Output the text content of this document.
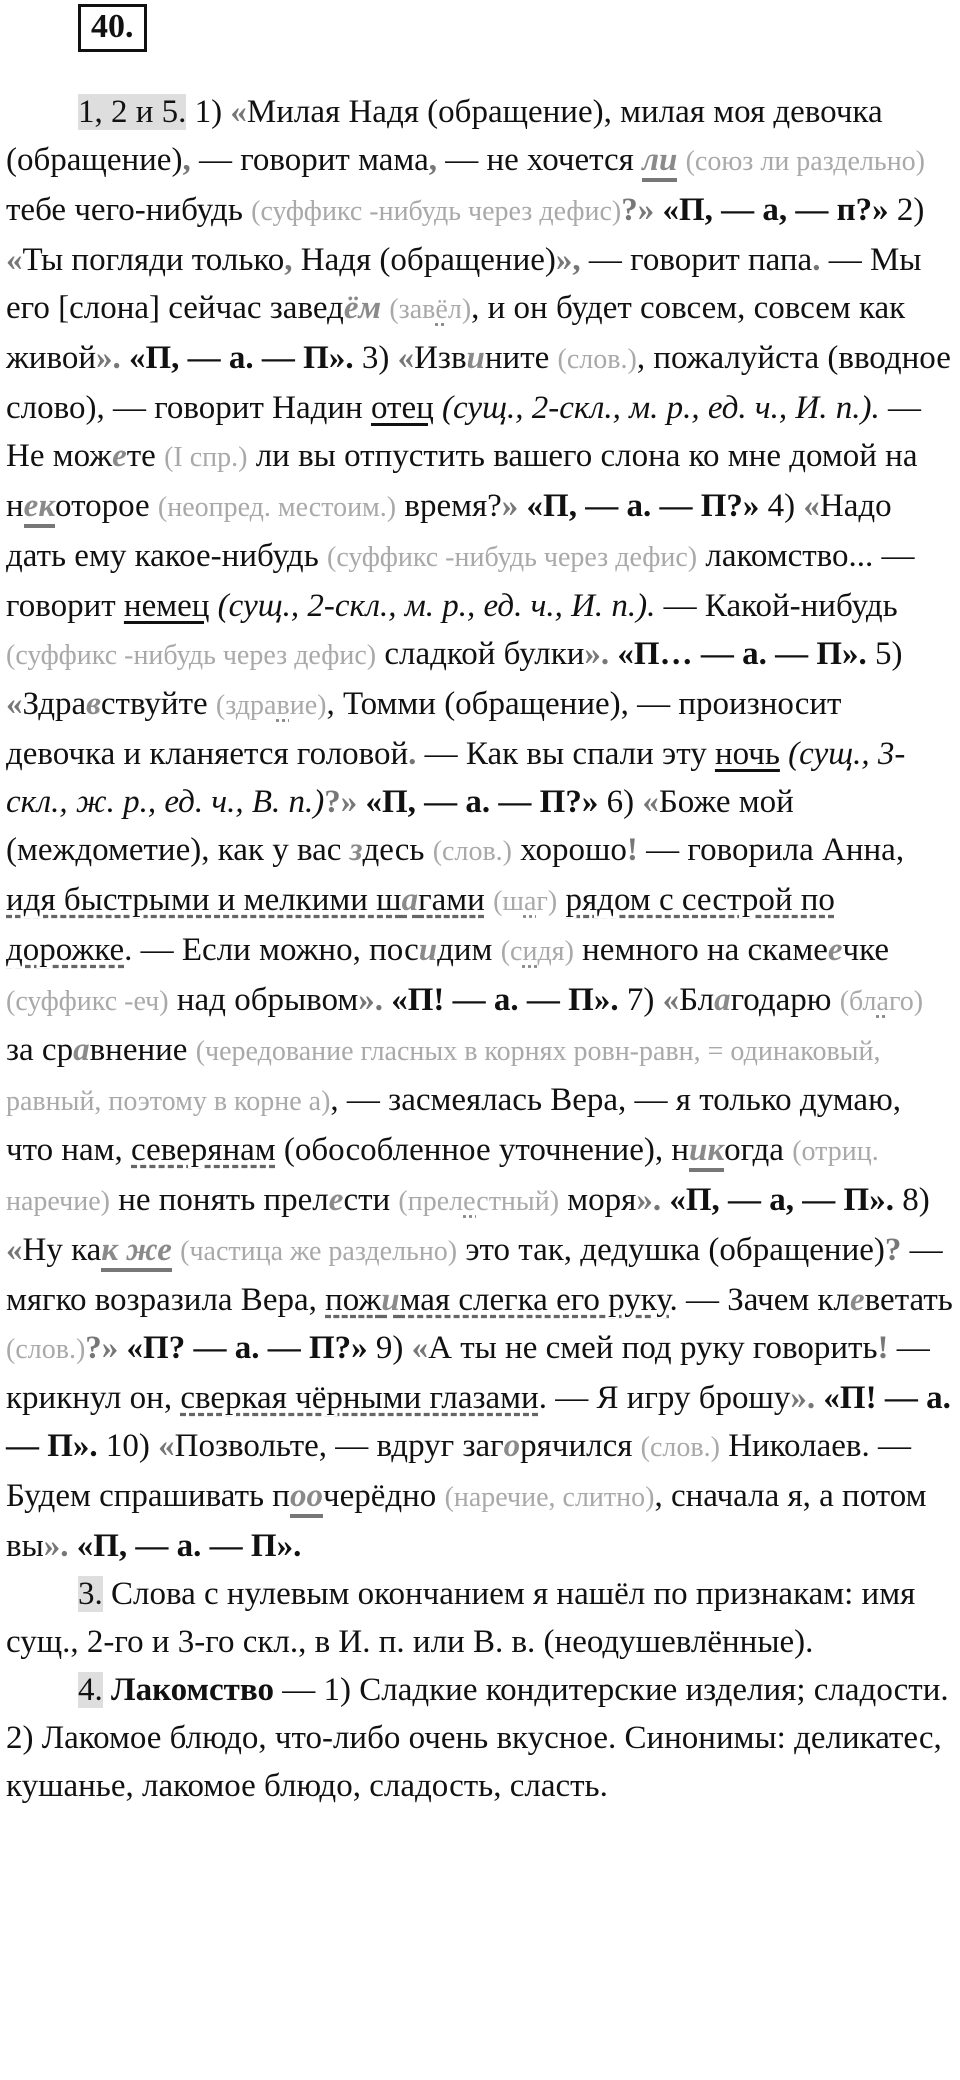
40.

1, 2 и 5. 1) «Милая Надя (обращение), милая моя девочка (обращение), — говорит мама, — не хочется ли (союз ли раздельно) тебе чего-нибудь (суффикс -нибудь через дефис)?» «П, — а, — п?» 2) «Ты погляди только, Надя (обращение)», — говорит папа. — Мы его [слона] сейчас заведём (завёл), и он будет совсем, совсем как живой». «П, — а. — П». 3) «Извините (слов.), пожалуйста (вводное слово), — говорит Надин отец (сущ., 2-скл., м. р., ед. ч., И. п.). — Не можете (I спр.) ли вы отпустить вашего слона ко мне домой на некоторое (неопред. местоим.) время?» «П, — а. — П?» 4) «Надо дать ему какое-нибудь (суффикс -нибудь через дефис) лакомство... — говорит немец (сущ., 2-скл., м. р., ед. ч., И. п.). — Какой-нибудь (суффикс -нибудь через дефис) сладкой булки». «П… — а. — П». 5) «Здравствуйте (здравие), Томми (обращение), — произносит девочка и кланяется головой. — Как вы спали эту ночь (сущ., 3-скл., ж. р., ед. ч., В. п.)?» «П, — а. — П?» 6) «Боже мой (междометие), как у вас здесь (слов.) хорошо! — говорила Анна, идя быстрыми и мелкими шагами (шаг) рядом с сестрой по дорожке. — Если можно, посидим (сидя) немного на скамеечке (суффикс -еч) над обрывом». «П! — а. — П». 7) «Благодарю (благо) за сравнение (чередование гласных в корнях ровн-равн, = одинаковый, равный, поэтому в корне а), — засмеялась Вера, — я только думаю, что нам, северянам (обособленное уточнение), никогда (отриц. наречие) не понять прелести (прелестный) моря». «П, — а, — П». 8) «Ну как же (частица же раздельно) это так, дедушка (обращение)? — мягко возразила Вера, пожимая слегка его руку. — Зачем клеветать (слов.)?» «П? — а. — П?» 9) «А ты не смей под руку говорить! — крикнул он, сверкая чёрными глазами. — Я игру брошу». «П! — а. — П». 10) «Позвольте, — вдруг загорячился (слов.) Николаев. — Будем спрашивать поочерёдно (наречие, слитно), сначала я, а потом вы». «П, — а. — П».

3. Слова с нулевым окончанием я нашёл по признакам: имя сущ., 2-го и 3-го скл., в И. п. или В. в. (неодушевлённые).

4. Лакомство — 1) Сладкие кондитерские изделия; сладости. 2) Лакомое блюдо, что-либо очень вкусное. Синонимы: деликатес, кушанье, лакомое блюдо, сладость, сласть.
